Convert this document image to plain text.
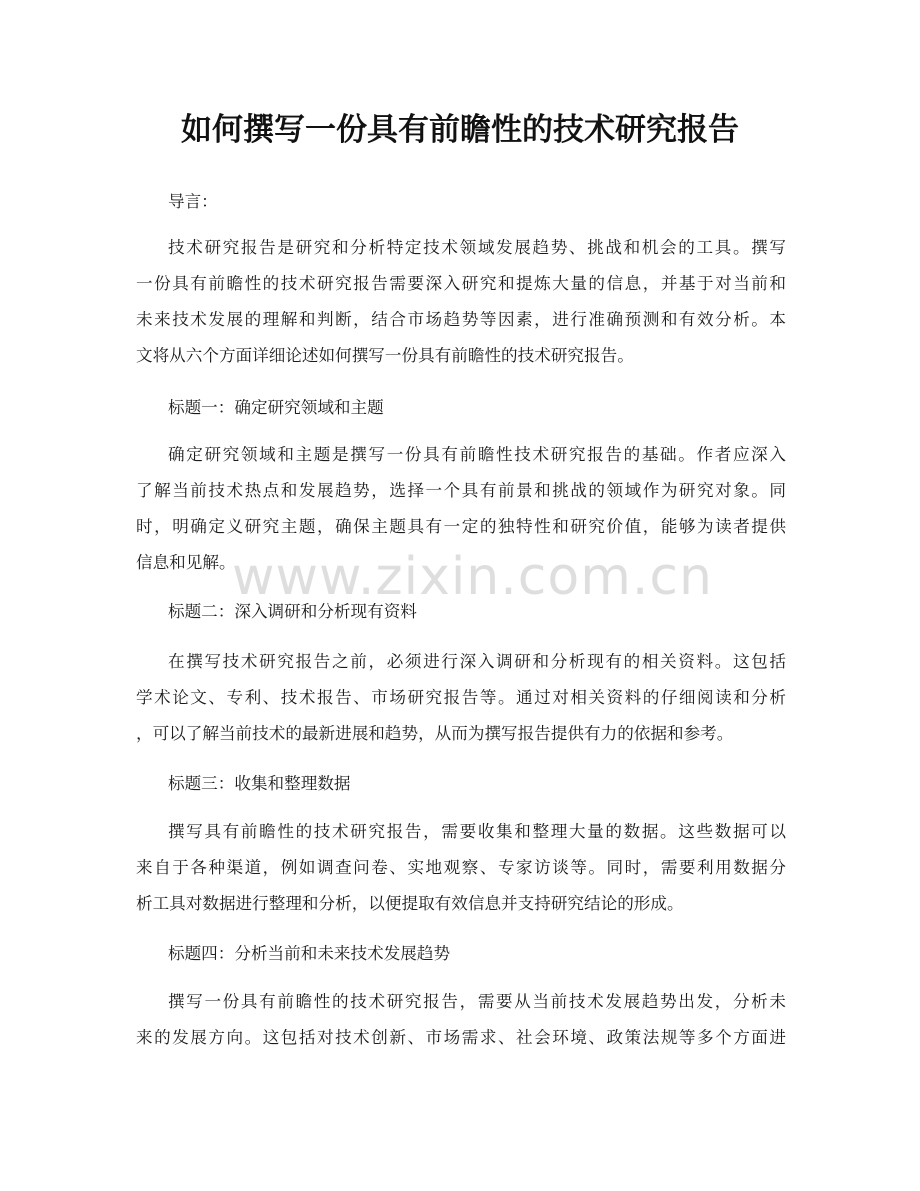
如何撰写一份具有前瞻性的技术研究报告

导言：

技术研究报告是研究和分析特定技术领域发展趋势、挑战和机会的工具。撰写

一份具有前瞻性的技术研究报告需要深入研究和提炼大量的信息，并基于对当前和

未来技术发展的理解和判断，结合市场趋势等因素，进行准确预测和有效分析。本

文将从六个方面详细论述如何撰写一份具有前瞻性的技术研究报告。

标题一：确定研究领域和主题

确定研究领域和主题是撰写一份具有前瞻性技术研究报告的基础。作者应深入

了解当前技术热点和发展趋势，选择一个具有前景和挑战的领域作为研究对象。同

时，明确定义研究主题，确保主题具有一定的独特性和研究价值，能够为读者提供

信息和见解。

标题二：深入调研和分析现有资料

在撰写技术研究报告之前，必须进行深入调研和分析现有的相关资料。这包括

学术论文、专利、技术报告、市场研究报告等。通过对相关资料的仔细阅读和分析

，可以了解当前技术的最新进展和趋势，从而为撰写报告提供有力的依据和参考。

标题三：收集和整理数据

撰写具有前瞻性的技术研究报告，需要收集和整理大量的数据。这些数据可以

来自于各种渠道，例如调查问卷、实地观察、专家访谈等。同时，需要利用数据分

析工具对数据进行整理和分析，以便提取有效信息并支持研究结论的形成。

标题四：分析当前和未来技术发展趋势

撰写一份具有前瞻性的技术研究报告，需要从当前技术发展趋势出发，分析未

来的发展方向。这包括对技术创新、市场需求、社会环境、政策法规等多个方面进

www.zixin.com.cn
